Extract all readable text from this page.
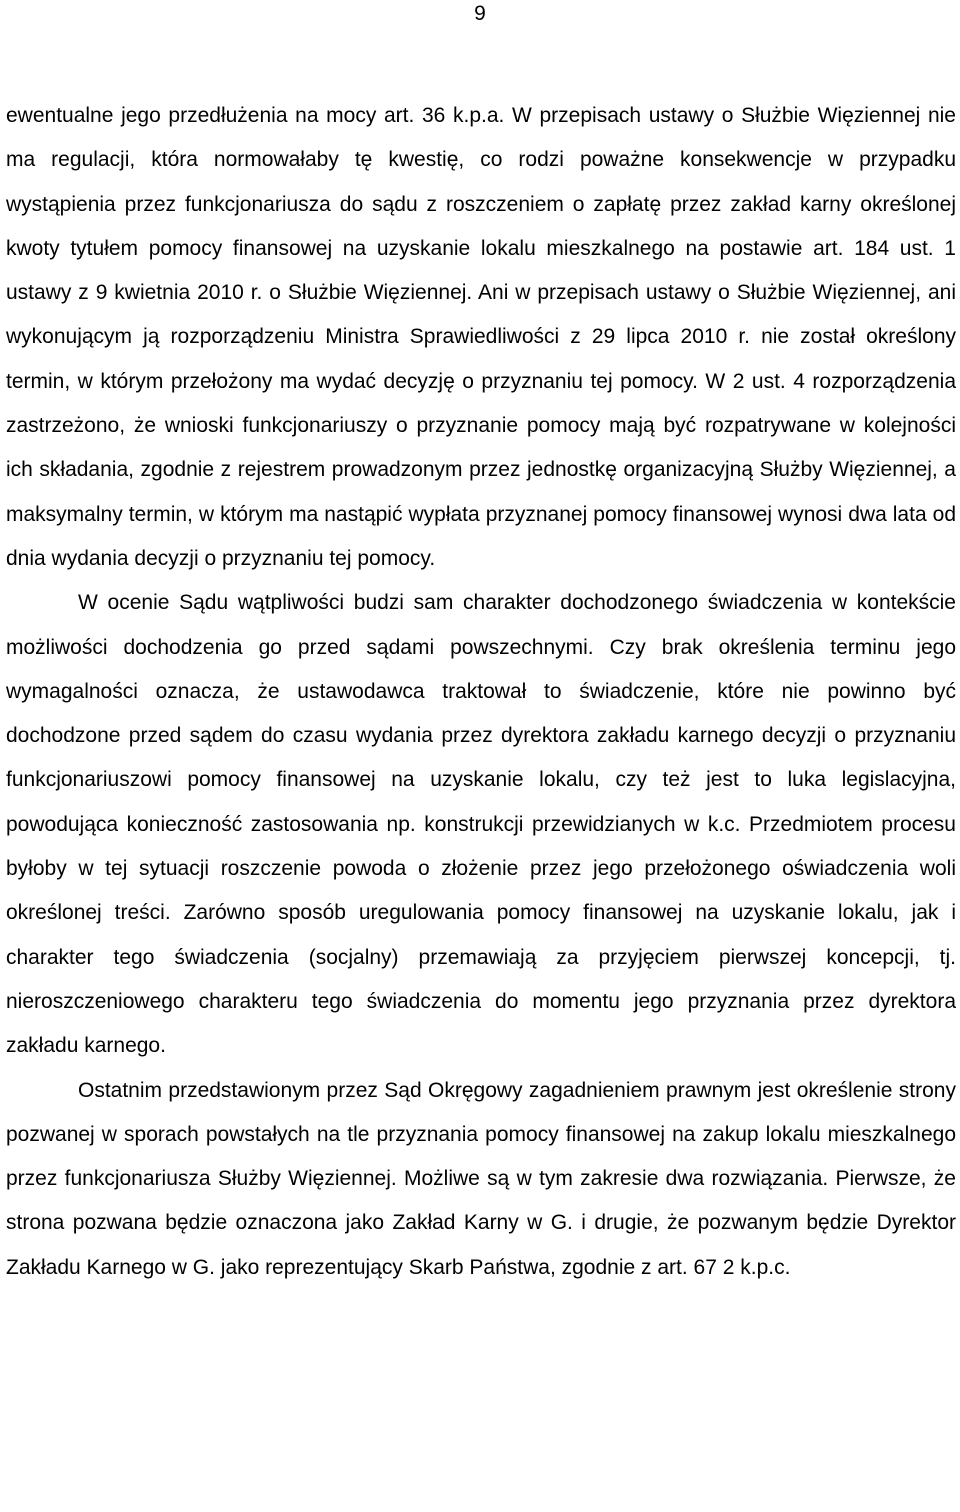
9

ewentualne jego przedłużenia na mocy art. 36 k.p.a. W przepisach ustawy o Służbie Więziennej nie ma regulacji, która normowałaby tę kwestię, co rodzi poważne konsekwencje w przypadku wystąpienia przez funkcjonariusza do sądu z roszczeniem o zapłatę przez zakład karny określonej kwoty tytułem pomocy finansowej na uzyskanie lokalu mieszkalnego na postawie art. 184 ust. 1 ustawy z 9 kwietnia 2010 r. o Służbie Więziennej. Ani w przepisach ustawy o Służbie Więziennej, ani wykonującym ją rozporządzeniu Ministra Sprawiedliwości z 29 lipca 2010 r. nie został określony termin, w którym przełożony ma wydać decyzję o przyznaniu tej pomocy. W 2 ust. 4 rozporządzenia zastrzeżono, że wnioski funkcjonariuszy o przyznanie pomocy mają być rozpatrywane w kolejności ich składania, zgodnie z rejestrem prowadzonym przez jednostkę organizacyjną Służby Więziennej, a maksymalny termin, w którym ma nastąpić wypłata przyznanej pomocy finansowej wynosi dwa lata od dnia wydania decyzji o przyznaniu tej pomocy.

W ocenie Sądu wątpliwości budzi sam charakter dochodzonego świadczenia w kontekście możliwości dochodzenia go przed sądami powszechnymi. Czy brak określenia terminu jego wymagalności oznacza, że ustawodawca traktował to świadczenie, które nie powinno być dochodzone przed sądem do czasu wydania przez dyrektora zakładu karnego decyzji o przyznaniu funkcjonariuszowi pomocy finansowej na uzyskanie lokalu, czy też jest to luka legislacyjna, powodująca konieczność zastosowania np. konstrukcji przewidzianych w k.c. Przedmiotem procesu byłoby w tej sytuacji roszczenie powoda o złożenie przez jego przełożonego oświadczenia woli określonej treści. Zarówno sposób uregulowania pomocy finansowej na uzyskanie lokalu, jak i charakter tego świadczenia (socjalny) przemawiają za przyjęciem pierwszej koncepcji, tj. nieroszczeniowego charakteru tego świadczenia do momentu jego przyznania przez dyrektora zakładu karnego.

Ostatnim przedstawionym przez Sąd Okręgowy zagadnieniem prawnym jest określenie strony pozwanej w sporach powstałych na tle przyznania pomocy finansowej na zakup lokalu mieszkalnego przez funkcjonariusza Służby Więziennej. Możliwe są w tym zakresie dwa rozwiązania. Pierwsze, że strona pozwana będzie oznaczona jako Zakład Karny w G. i drugie, że pozwanym będzie Dyrektor Zakładu Karnego w G. jako reprezentujący Skarb Państwa, zgodnie z art. 67 2 k.p.c.
